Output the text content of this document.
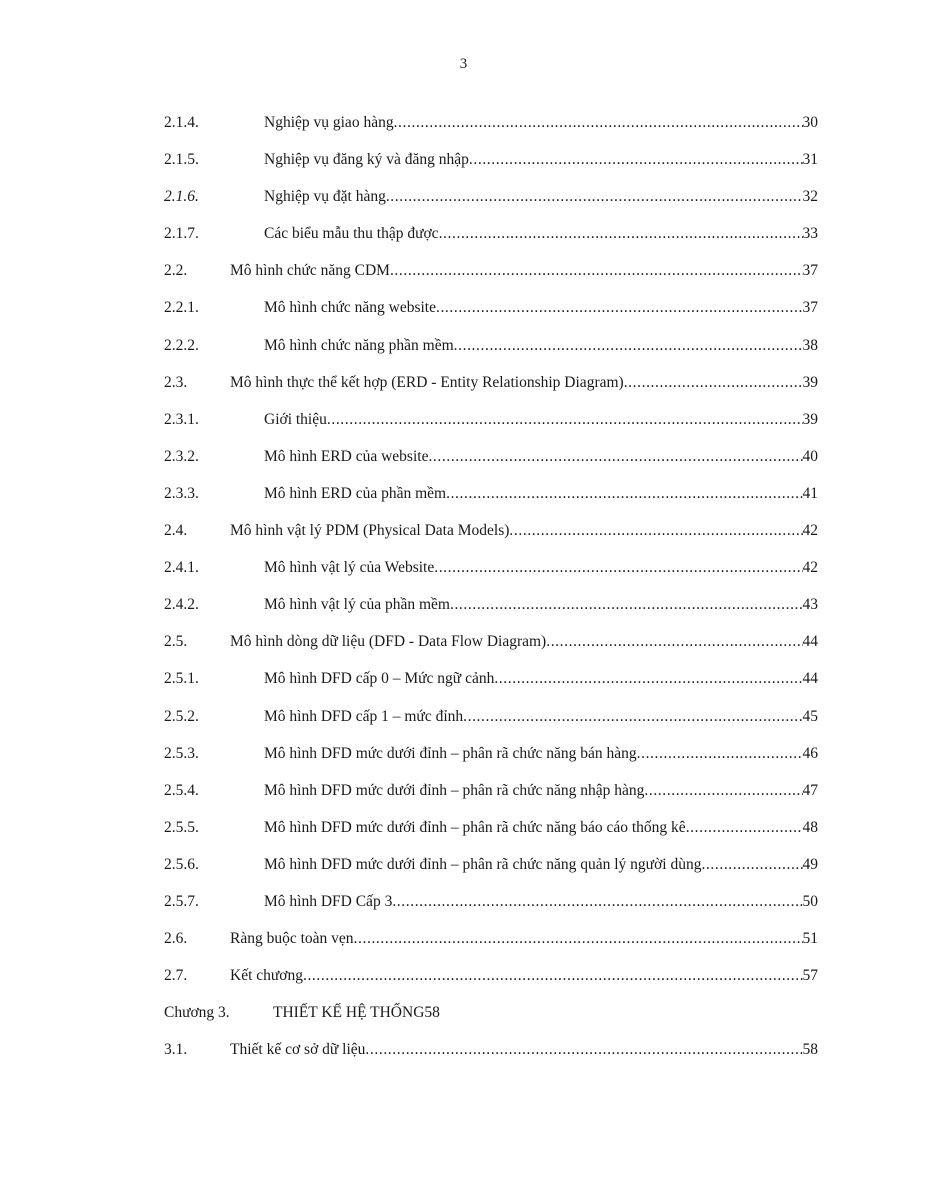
3
2.1.4.	Nghiệp vụ giao hàng .....	30
2.1.5.	Nghiệp vụ đăng ký và đăng nhập .....	31
2.1.6.	Nghiệp vụ đặt hàng .....	32
2.1.7.	Các biểu mẫu thu thập được .....	33
2.2.	Mô hình chức năng CDM .....	37
2.2.1.	Mô hình chức năng website .....	37
2.2.2.	Mô hình chức năng phần mềm .....	38
2.3.	Mô hình thực thể kết hợp (ERD - Entity Relationship Diagram) .....	39
2.3.1.	Giới thiệu .....	39
2.3.2.	Mô hình ERD của website .....	40
2.3.3.	Mô hình ERD của phần mềm .....	41
2.4.	Mô hình vật lý PDM (Physical Data Models) .....	42
2.4.1.	Mô hình vật lý của Website .....	42
2.4.2.	Mô hình vật lý của phần mềm .....	43
2.5.	Mô hình dòng dữ liệu (DFD - Data Flow Diagram) .....	44
2.5.1.	Mô hình DFD cấp 0 – Mức ngữ cảnh .....	44
2.5.2.	Mô hình DFD cấp 1 – mức đỉnh .....	45
2.5.3.	Mô hình DFD mức dưới đỉnh – phân rã chức năng bán hàng .....	46
2.5.4.	Mô hình DFD mức dưới đỉnh – phân rã chức năng nhập hàng .....	47
2.5.5.	Mô hình DFD mức dưới đỉnh – phân rã chức năng báo cáo thống kê .....	48
2.5.6.	Mô hình DFD mức dưới đỉnh – phân rã chức năng quản lý người dùng .....	49
2.5.7.	Mô hình DFD Cấp 3 .....	50
2.6.	Ràng buộc toàn vẹn .....	51
2.7.	Kết chương .....	57
Chương 3.	THIẾT KẾ HỆ THỐNG58
3.1.	Thiết kế cơ sở dữ liệu .....	58
